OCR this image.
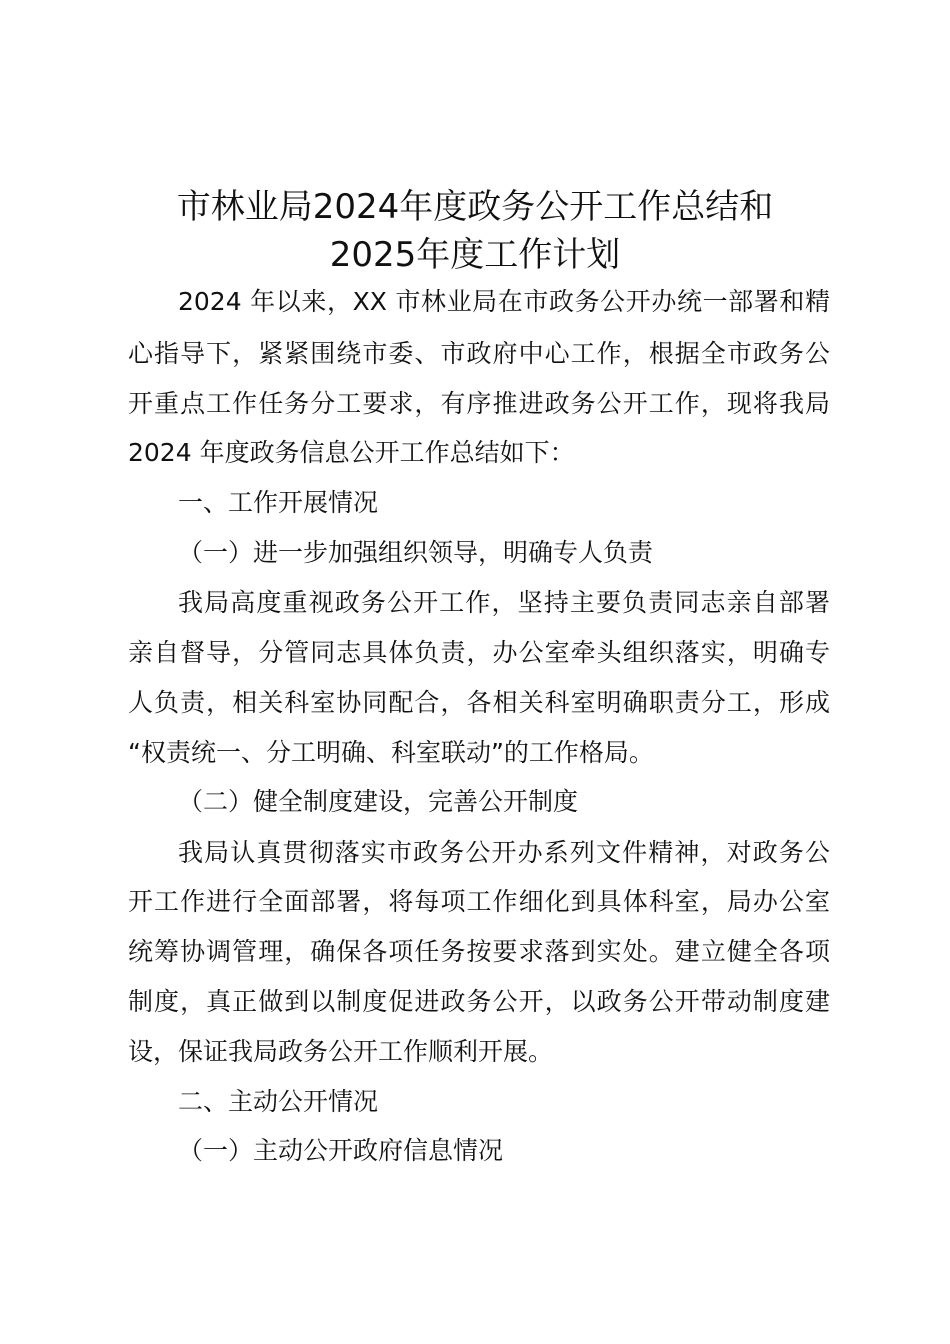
市林业局2024年度政务公开工作总结和
2025年度工作计划
2024 年以来，XX 市林业局在市政务公开办统一部署和精
心指导下，紧紧围绕市委、市政府中心工作，根据全市政务公
开重点工作任务分工要求，有序推进政务公开工作，现将我局
2024 年度政务信息公开工作总结如下：
一、工作开展情况
（一）进一步加强组织领导，明确专人负责
我局高度重视政务公开工作，坚持主要负责同志亲自部署
亲自督导，分管同志具体负责，办公室牵头组织落实，明确专
人负责，相关科室协同配合，各相关科室明确职责分工，形成
“权责统一、分工明确、科室联动”的工作格局。
（二）健全制度建设，完善公开制度
我局认真贯彻落实市政务公开办系列文件精神，对政务公
开工作进行全面部署，将每项工作细化到具体科室，局办公室
统筹协调管理，确保各项任务按要求落到实处。建立健全各项
制度，真正做到以制度促进政务公开，以政务公开带动制度建
设，保证我局政务公开工作顺利开展。
二、主动公开情况
（一）主动公开政府信息情况
